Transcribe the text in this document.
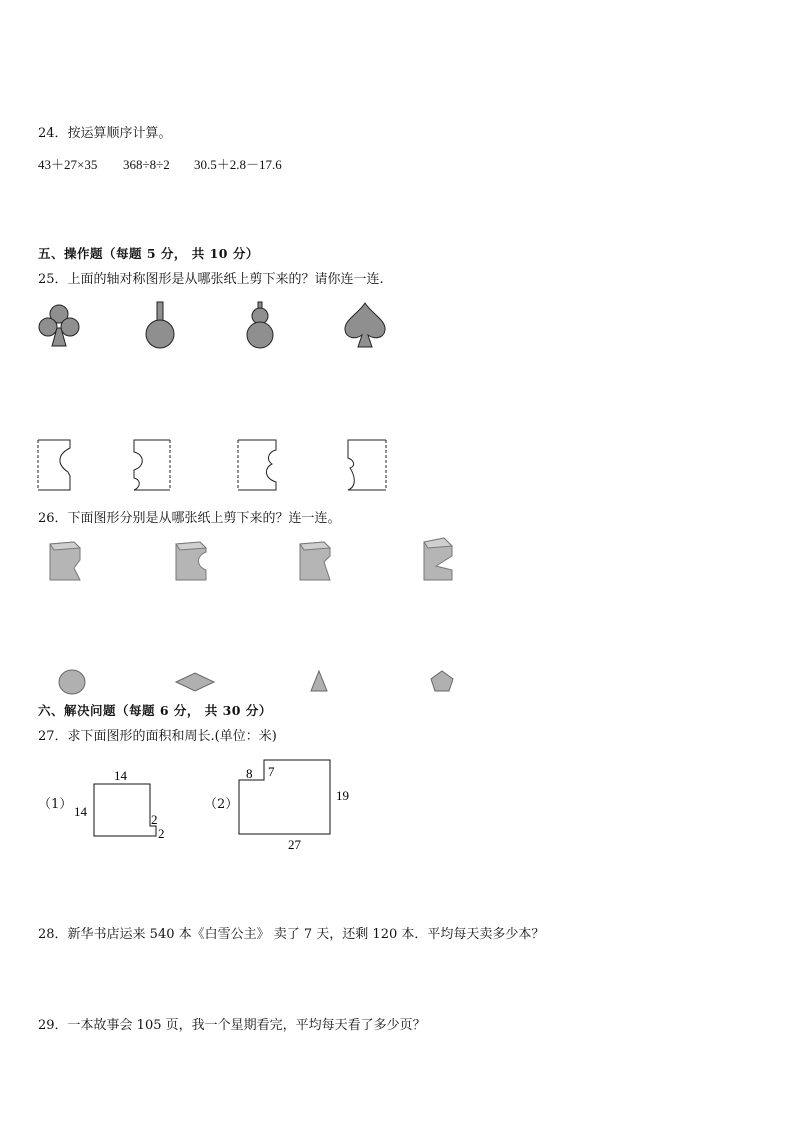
24．按运算顺序计算。
43＋27×35 368÷8÷2 30.5＋2.8－17.6
五、操作题（每题 5 分， 共 10 分）
25．上面的轴对称图形是从哪张纸上剪下来的？请你连一连.
26．下面图形分别是从哪张纸上剪下来的？连一连。
六、解决问题（每题 6 分， 共 30 分）
27．求下面图形的面积和周长.(单位：米)
（1）
14
14
2
2
（2）
8 7
19
27
28．新华书店运来 540 本《白雪公主》 卖了 7 天，还剩 120 本．平均每天卖多少本？
29．一本故事会 105 页，我一个星期看完，平均每天看了多少页？
